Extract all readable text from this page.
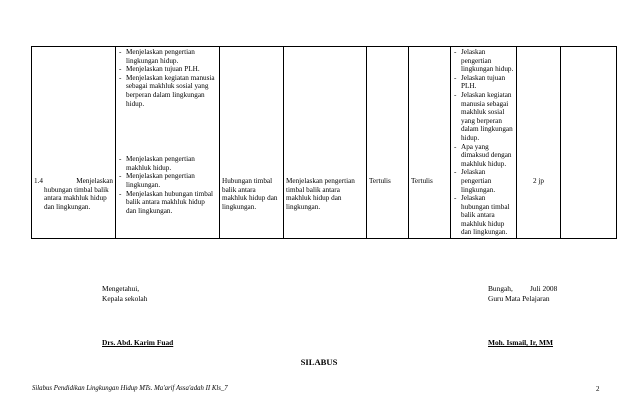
1.4	Menjelaskan
hubungan timbal balik antara makhluk hidup dan lingkungan.

- Menjelaskan pengertian lingkungan hidup.
- Menjelaskan tujuan PLH.
- Menjelaskan kegiatan manusia sebagai makhluk sosial yang berperan dalam lingkungan hidup.
- Menjelaskan pengertian makhluk hidup.
- Menjelaskan pengertian lingkungan.
- Menjelaskan hubungan timbal balik antara makhluk hidup dan lingkungan.

Hubungan timbal balik antara makhluk hidup dan lingkungan.

Menjelaskan pengertian timbal balik antara makhluk hidup dan lingkungan.

Tertulis	Tertulis

- Jelaskan pengertian lingkungan hidup.
- Jelaskan tujuan PLH.
- Jelaskan kegiatan manusia sebagai makhluk sosial yang berperan dalam lingkungan hidup.
- Apa yang dimaksud dengan makhluk hidup.
- Jelaskan pengertian lingkungan.
- Jelaskan hubungan timbal balik antara makhluk hidup dan lingkungan.

2 jp

Mengetahui,
Kepala sekolah
Drs. Abd. Karim Fuad
Bungah, Juli 2008
Guru Mata Pelajaran
Moh. Ismail, Ir, MM
SILABUS
Silabus Pendidikan Lingkungan Hidup MTs. Ma'arif Assa'adah II Kls_7	2
